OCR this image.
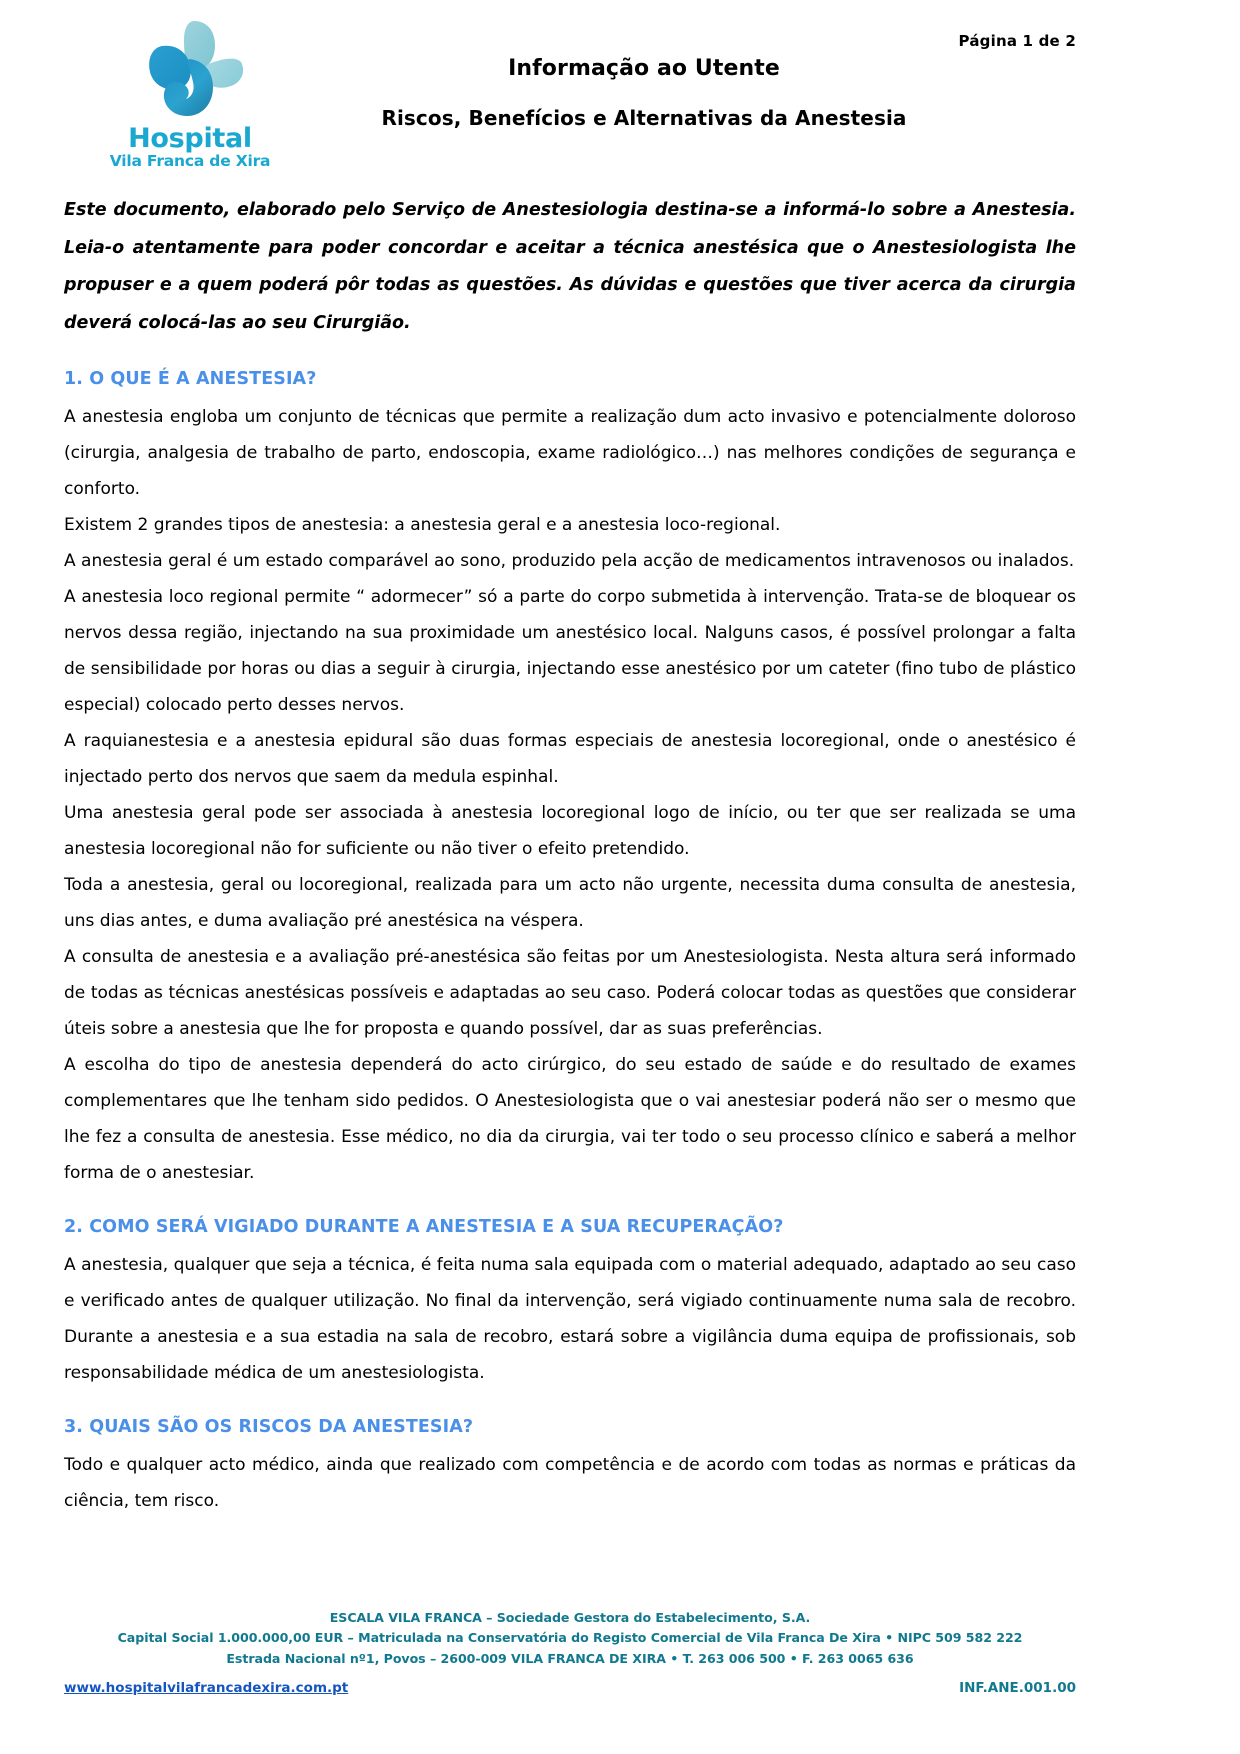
Página 1 de 2
Hospital
Vila Franca de Xira
Informação ao Utente
Riscos, Benefícios e Alternativas da Anestesia

Este documento, elaborado pelo Serviço de Anestesiologia destina-se a informá-lo sobre a Anestesia. Leia-o atentamente para poder concordar e aceitar a técnica anestésica que o Anestesiologista lhe propuser e a quem poderá pôr todas as questões. As dúvidas e questões que tiver acerca da cirurgia deverá colocá-las ao seu Cirurgião.

1. O QUE É A ANESTESIA?

A anestesia engloba um conjunto de técnicas que permite a realização dum acto invasivo e potencialmente doloroso (cirurgia, analgesia de trabalho de parto, endoscopia, exame radiológico…) nas melhores condições de segurança e conforto.

Existem 2 grandes tipos de anestesia: a anestesia geral e a anestesia loco-regional.

A anestesia geral é um estado comparável ao sono, produzido pela acção de medicamentos intravenosos ou inalados.

A anestesia loco regional permite “ adormecer” só a parte do corpo submetida à intervenção. Trata-se de bloquear os nervos dessa região, injectando na sua proximidade um anestésico local. Nalguns casos, é possível prolongar a falta de sensibilidade por horas ou dias a seguir à cirurgia, injectando esse anestésico por um cateter (fino tubo de plástico especial) colocado perto desses nervos.

A raquianestesia e a anestesia epidural são duas formas especiais de anestesia locoregional, onde o anestésico é injectado perto dos nervos que saem da medula espinhal.

Uma anestesia geral pode ser associada à anestesia locoregional logo de início, ou ter que ser realizada se uma anestesia locoregional não for suficiente ou não tiver o efeito pretendido.

Toda a anestesia, geral ou locoregional, realizada para um acto não urgente, necessita duma consulta de anestesia, uns dias antes, e duma avaliação pré anestésica na véspera.

A consulta de anestesia e a avaliação pré-anestésica são feitas por um Anestesiologista. Nesta altura será informado de todas as técnicas anestésicas possíveis e adaptadas ao seu caso. Poderá colocar todas as questões que considerar úteis sobre a anestesia que lhe for proposta e quando possível, dar as suas preferências.

A escolha do tipo de anestesia dependerá do acto cirúrgico, do seu estado de saúde e do resultado de exames complementares que lhe tenham sido pedidos. O Anestesiologista que o vai anestesiar poderá não ser o mesmo que lhe fez a consulta de anestesia. Esse médico, no dia da cirurgia, vai ter todo o seu processo clínico e saberá a melhor forma de o anestesiar.

2. COMO SERÁ VIGIADO DURANTE A ANESTESIA E A SUA RECUPERAÇÃO?

A anestesia, qualquer que seja a técnica, é feita numa sala equipada com o material adequado, adaptado ao seu caso e verificado antes de qualquer utilização. No final da intervenção, será vigiado continuamente numa sala de recobro. Durante a anestesia e a sua estadia na sala de recobro, estará sobre a vigilância duma equipa de profissionais, sob responsabilidade médica de um anestesiologista.

3. QUAIS SÃO OS RISCOS DA ANESTESIA?

Todo e qualquer acto médico, ainda que realizado com competência e de acordo com todas as normas e práticas da ciência, tem risco.

ESCALA VILA FRANCA – Sociedade Gestora do Estabelecimento, S.A.
Capital Social 1.000.000,00 EUR – Matriculada na Conservatória do Registo Comercial de Vila Franca De Xira • NIPC 509 582 222
Estrada Nacional nº1, Povos – 2600-009 VILA FRANCA DE XIRA • T. 263 006 500 • F. 263 0065 636
www.hospitalvilafrancadexira.com.pt	INF.ANE.001.00
